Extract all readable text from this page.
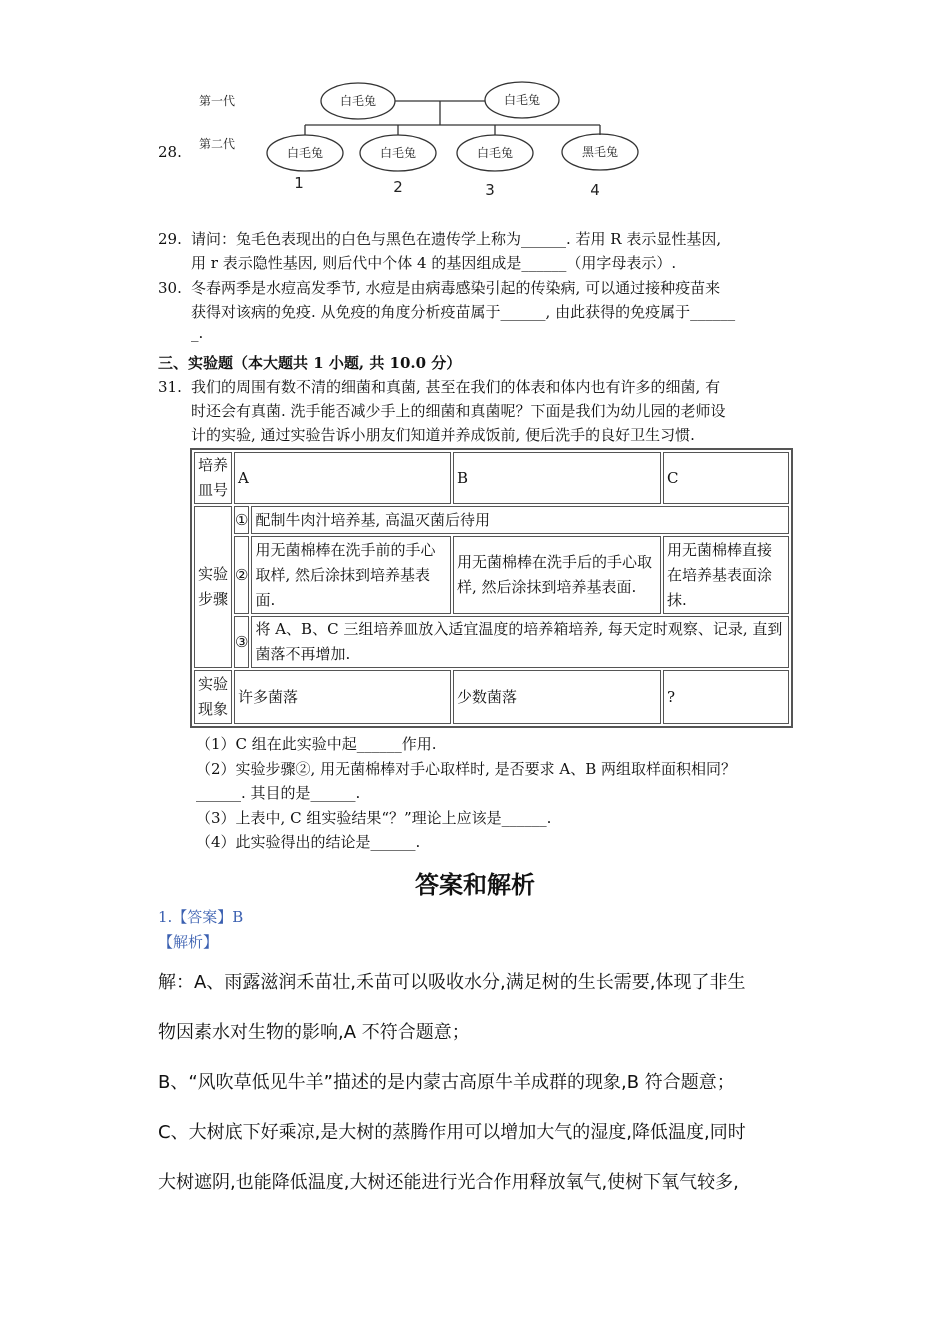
28.
第一代
第二代
白毛兔	白毛兔
白毛兔	白毛兔	白毛兔	黑毛兔
1	2	3	4
29. 请问：兔毛色表现出的白色与黑色在遗传学上称为______. 若用 R 表示显性基因,
用 r 表示隐性基因, 则后代中个体 4 的基因组成是______（用字母表示）.
30. 冬春两季是水痘高发季节, 水痘是由病毒感染引起的传染病, 可以通过接种疫苗来
获得对该病的免疫. 从免疫的角度分析疫苗属于______, 由此获得的免疫属于______
_.
三、实验题（本大题共 1 小题, 共 10.0 分）
31. 我们的周围有数不清的细菌和真菌, 甚至在我们的体表和体内也有许多的细菌, 有
时还会有真菌. 洗手能否减少手上的细菌和真菌呢？下面是我们为幼儿园的老师设
计的实验, 通过实验告诉小朋友们知道并养成饭前, 便后洗手的良好卫生习惯.
培养皿号	A		B	C
实验步骤	①	配制牛肉汁培养基, 高温灭菌后待用		
	②	用无菌棉棒在洗手前的手心取样, 然后涂抹到培养基表面.	用无菌棉棒在洗手后的手心取样, 然后涂抹到培养基表面.	用无菌棉棒直接在培养基表面涂抹.
	③	将 A、B、C 三组培养皿放入适宜温度的培养箱培养, 每天定时观察、记录, 直到菌落不再增加.		
实验现象	许多菌落		少数菌落	?
（1）C 组在此实验中起______作用.
（2）实验步骤②, 用无菌棉棒对手心取样时, 是否要求 A、B 两组取样面积相同？
______. 其目的是______.
（3）上表中, C 组实验结果“？”理论上应该是______.
（4）此实验得出的结论是______.
答案和解析
1.【答案】B
【解析】
解：A、雨露滋润禾苗壮,禾苗可以吸收水分,满足树的生长需要,体现了非生
物因素水对生物的影响,A 不符合题意；
B、“风吹草低见牛羊”描述的是内蒙古高原牛羊成群的现象,B 符合题意；
C、大树底下好乘凉,是大树的蒸腾作用可以增加大气的湿度,降低温度,同时
大树遮阴,也能降低温度,大树还能进行光合作用释放氧气,使树下氧气较多,
